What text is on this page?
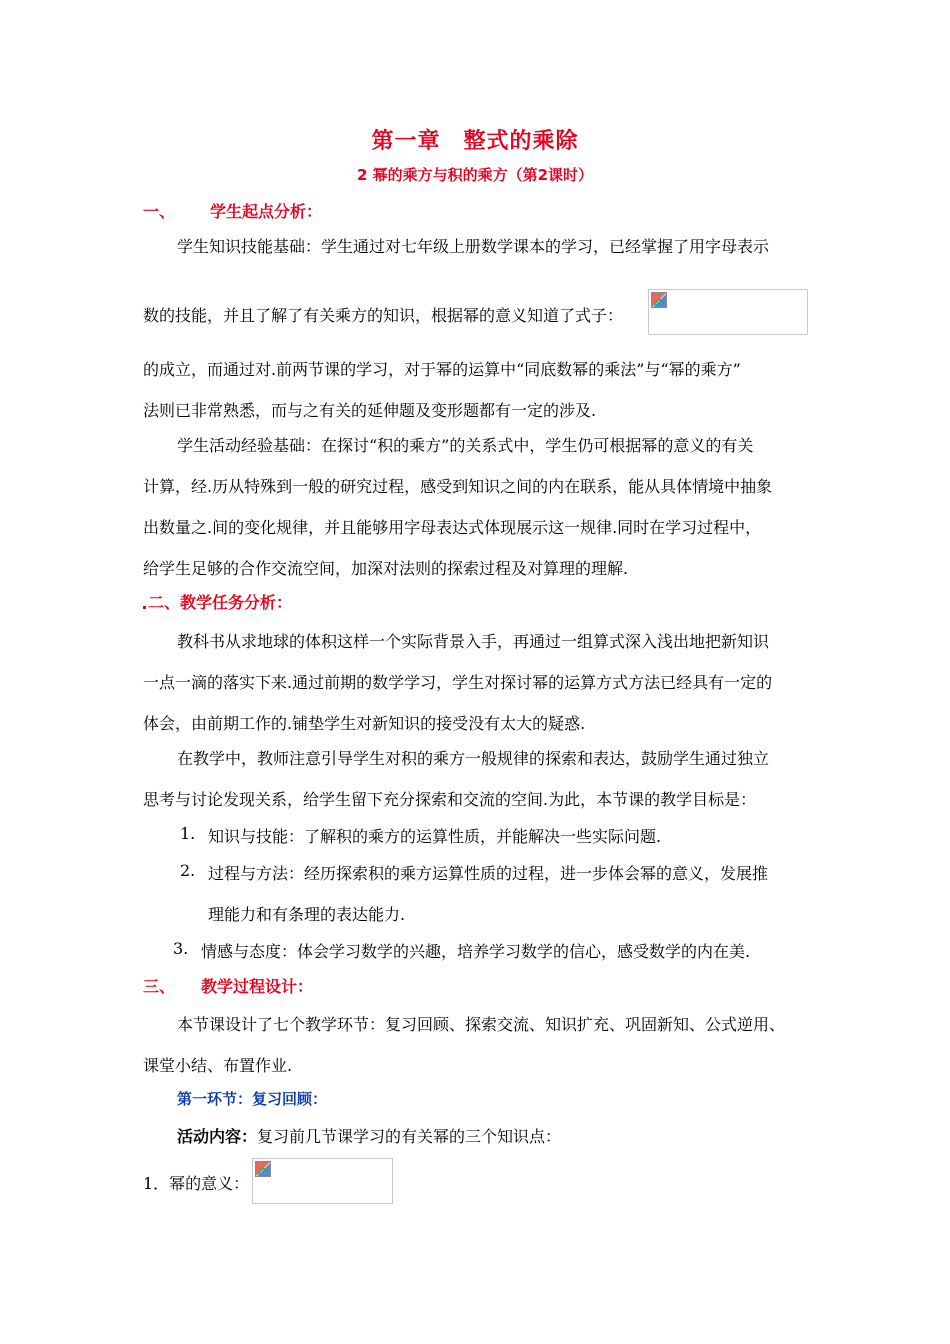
第一章　整式的乘除
2 幂的乘方与积的乘方（第2课时）
一、 学生起点分析：
学生知识技能基础：学生通过对七年级上册数学课本的学习，已经掌握了用字母表示
数的技能，并且了解了有关乘方的知识，根据幂的意义知道了式子：
的成立，而通过对.前两节课的学习，对于幂的运算中“同底数幂的乘法”与“幂的乘方”
法则已非常熟悉，而与之有关的延伸题及变形题都有一定的涉及.
学生活动经验基础：在探讨“积的乘方”的关系式中，学生仍可根据幂的意义的有关
计算，经.历从特殊到一般的研究过程，感受到知识之间的内在联系，能从具体情境中抽象
出数量之.间的变化规律，并且能够用字母表达式体现展示这一规律.同时在学习过程中，
给学生足够的合作交流空间，加深对法则的探索过程及对算理的理解.
二、教学任务分析：
教科书从求地球的体积这样一个实际背景入手，再通过一组算式深入浅出地把新知识
一点一滴的落实下来.通过前期的数学学习，学生对探讨幂的运算方式方法已经具有一定的
体会，由前期工作的.铺垫学生对新知识的接受没有太大的疑惑.
在教学中，教师注意引导学生对积的乘方一般规律的探索和表达，鼓励学生通过独立
思考与讨论发现关系，给学生留下充分探索和交流的空间.为此，本节课的教学目标是：
1. 知识与技能：了解积的乘方的运算性质，并能解决一些实际问题.
2. 过程与方法：经历探索积的乘方运算性质的过程，进一步体会幂的意义，发展推
理能力和有条理的表达能力.
3. 情感与态度：体会学习数学的兴趣，培养学习数学的信心，感受数学的内在美.
三、 教学过程设计：
本节课设计了七个教学环节：复习回顾、探索交流、知识扩充、巩固新知、公式逆用、
课堂小结、布置作业.
第一环节：复习回顾：
活动内容：复习前几节课学习的有关幂的三个知识点：
1．幂的意义：
